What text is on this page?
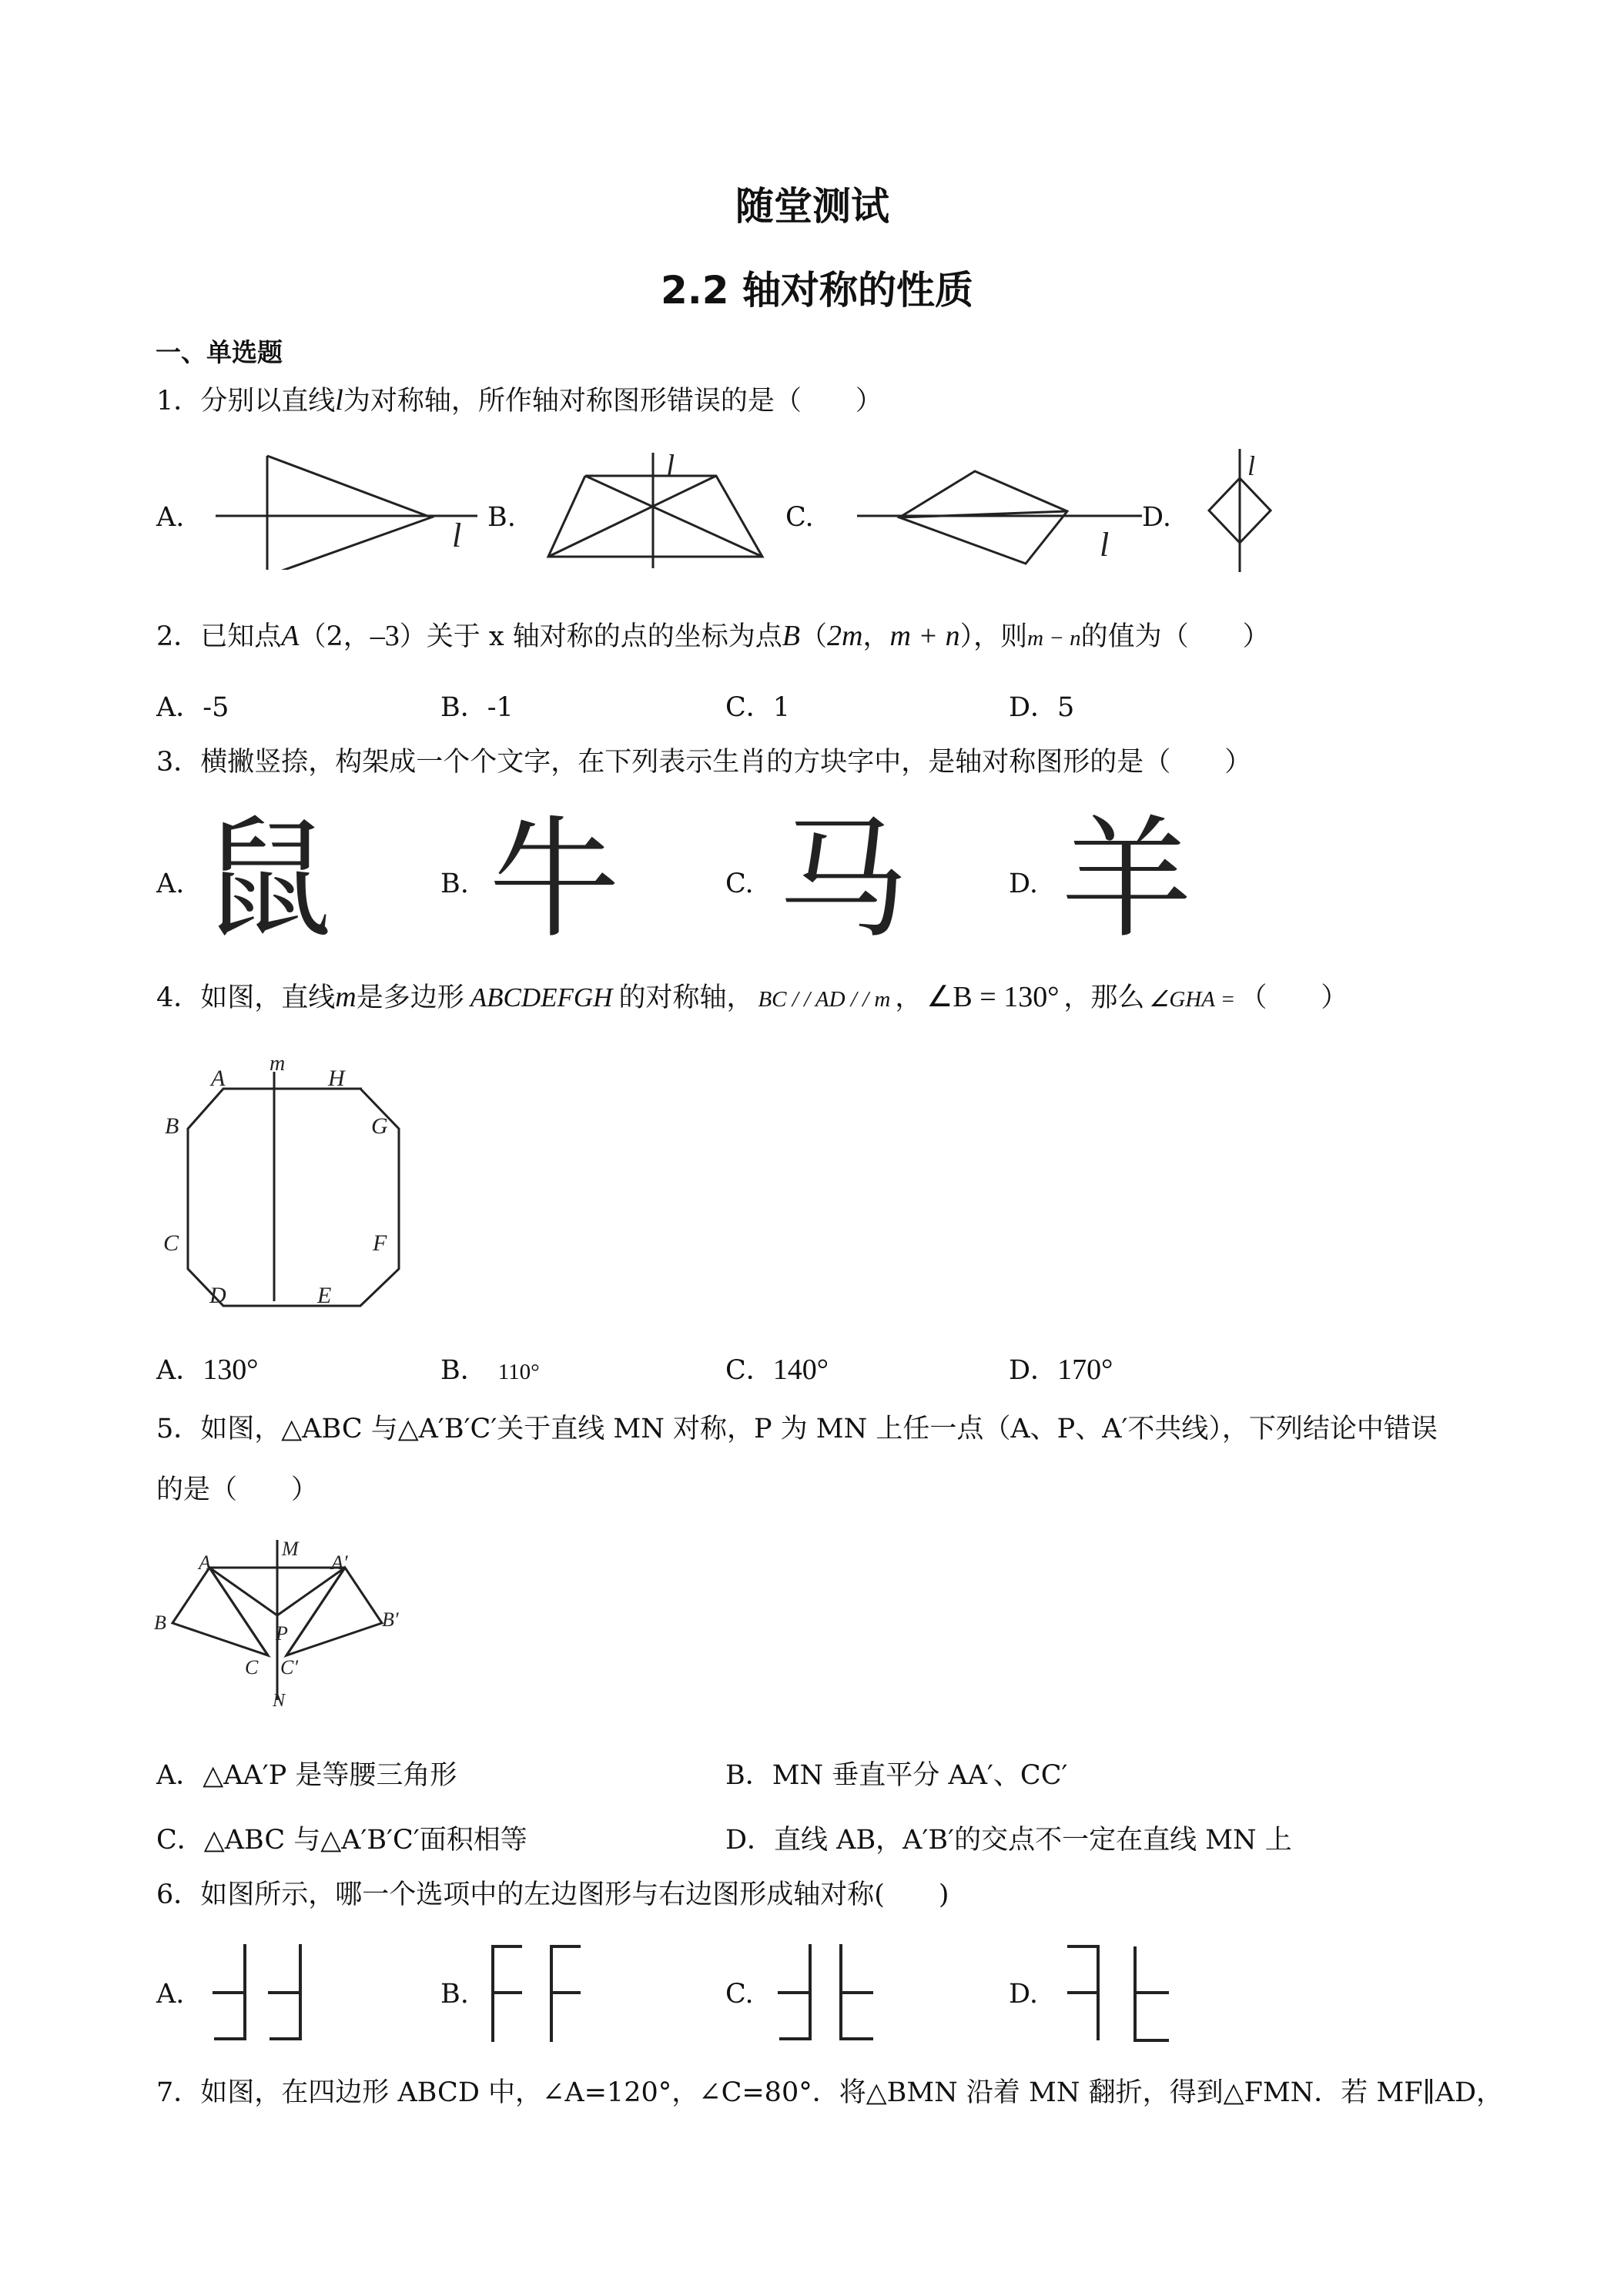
随堂测试
2.2 轴对称的性质
一、单选题
1．分别以直线l为对称轴，所作轴对称图形错误的是（　　）
A.	B.	C.	D.
l
l
l
l
2．已知点A（2，–3）关于 x 轴对称的点的坐标为点B（2m，m + n），则m − n的值为（　　）
A．-5	B．-1	C．1	D．5
3．横撇竖捺，构架成一个个文字，在下列表示生肖的方块字中，是轴对称图形的是（　　）
A. 鼠	B. 牛	C. 马	D. 羊
4．如图，直线m是多边形 ABCDEFGH 的对称轴， BC / / AD / / m ， ∠B = 130° ，那么 ∠GHA = （　　）
m
A	H
B	G
C	F
D	E
A．130°	B． 110°	C．140°	D．170°
5．如图，△ABC 与△A′B′C′关于直线 MN 对称，P 为 MN 上任一点（A、P、A′不共线），下列结论中错误
的是（　　）
M
A	A′
B	B′
P
C C′
N
A．△AA′P 是等腰三角形	B．MN 垂直平分 AA′、CC′
C．△ABC 与△A′B′C′面积相等	D．直线 AB，A′B′的交点不一定在直线 MN 上
6．如图所示，哪一个选项中的左边图形与右边图形成轴对称(　　)
A.	B.	C.	D.
7．如图，在四边形 ABCD 中，∠A=120°，∠C=80°．将△BMN 沿着 MN 翻折，得到△FMN．若 MF∥AD，
